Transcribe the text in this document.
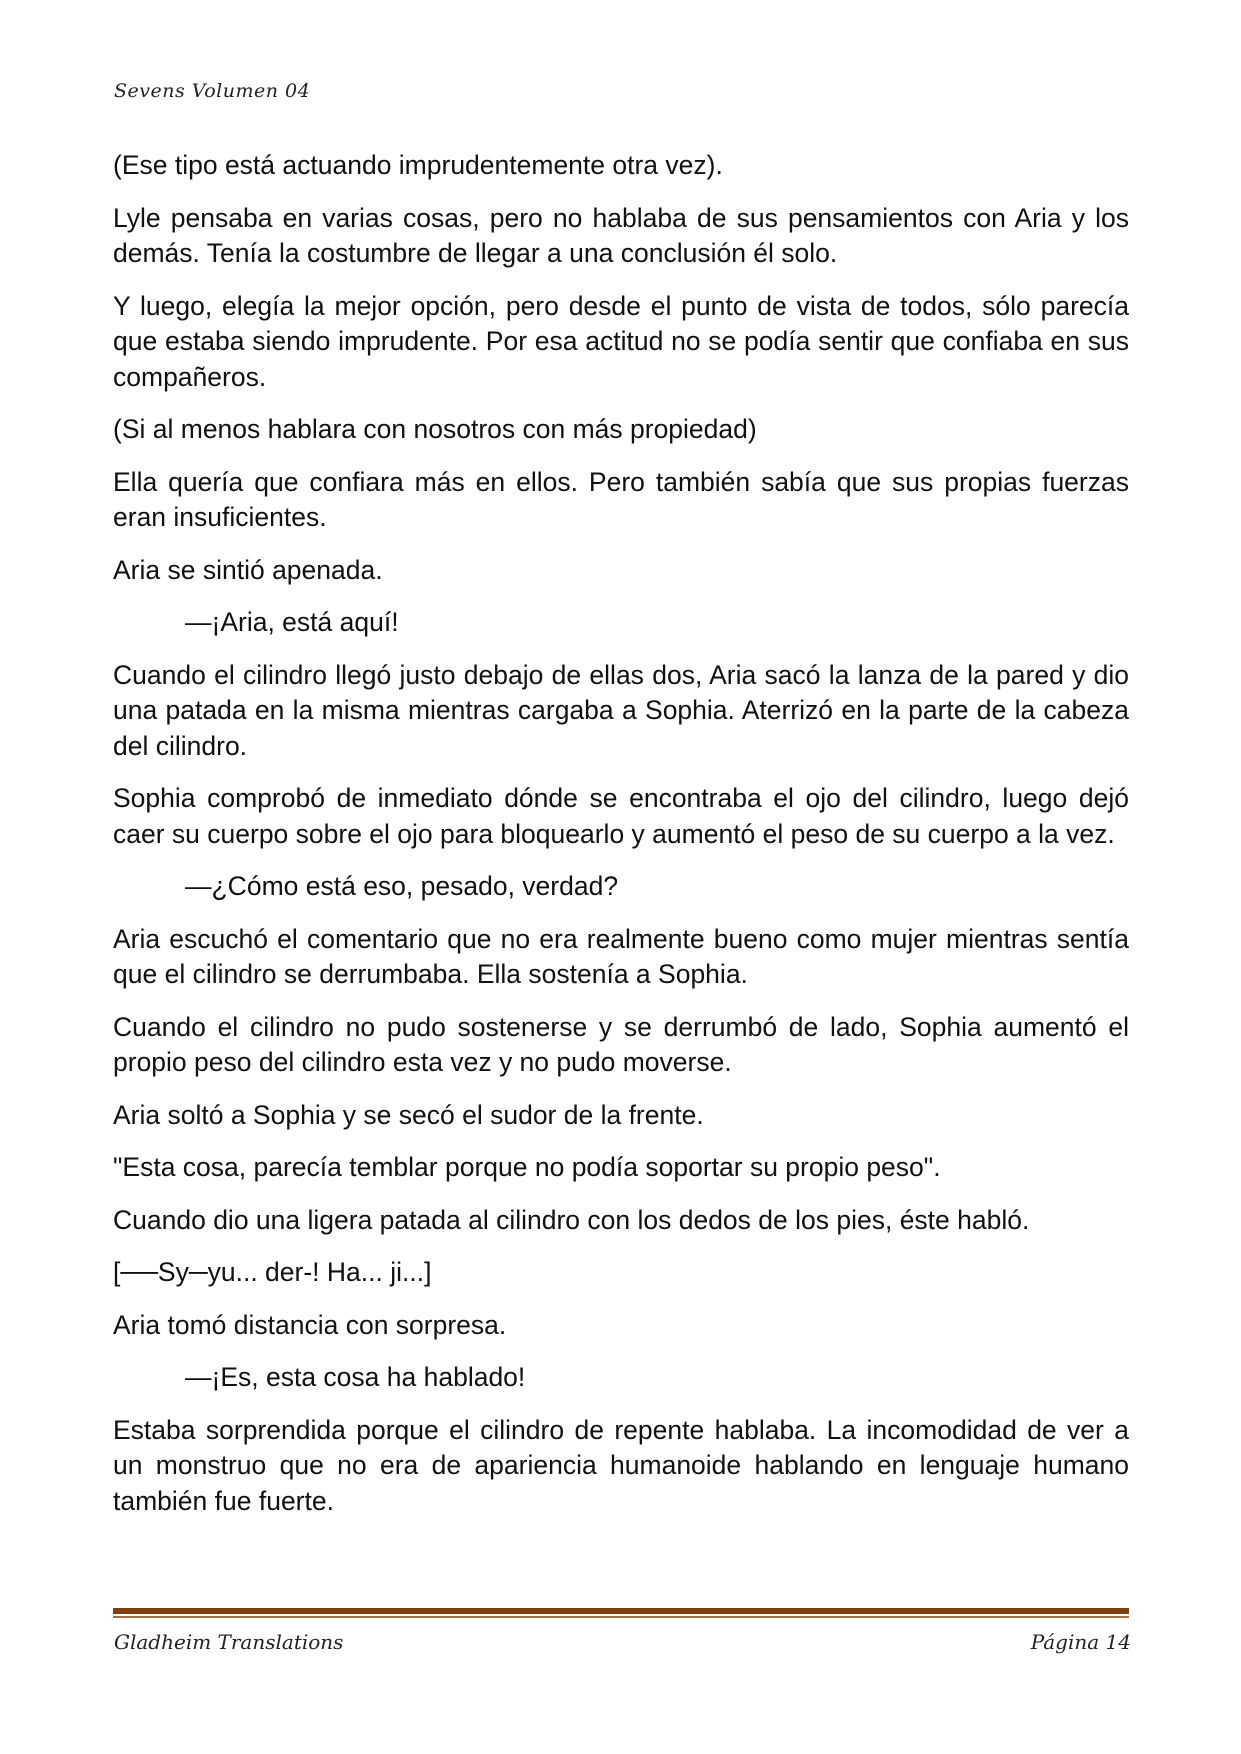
Sevens Volumen 04

(Ese tipo está actuando imprudentemente otra vez).

Lyle pensaba en varias cosas, pero no hablaba de sus pensamientos con Aria y los demás. Tenía la costumbre de llegar a una conclusión él solo.

Y luego, elegía la mejor opción, pero desde el punto de vista de todos, sólo parecía que estaba siendo imprudente. Por esa actitud no se podía sentir que confiaba en sus compañeros.

(Si al menos hablara con nosotros con más propiedad)

Ella quería que confiara más en ellos. Pero también sabía que sus propias fuerzas eran insuficientes.

Aria se sintió apenada.

—¡Aria, está aquí!

Cuando el cilindro llegó justo debajo de ellas dos, Aria sacó la lanza de la pared y dio una patada en la misma mientras cargaba a Sophia. Aterrizó en la parte de la cabeza del cilindro.

Sophia comprobó de inmediato dónde se encontraba el ojo del cilindro, luego dejó caer su cuerpo sobre el ojo para bloquearlo y aumentó el peso de su cuerpo a la vez.

—¿Cómo está eso, pesado, verdad?

Aria escuchó el comentario que no era realmente bueno como mujer mientras sentía que el cilindro se derrumbaba. Ella sostenía a Sophia.

Cuando el cilindro no pudo sostenerse y se derrumbó de lado, Sophia aumentó el propio peso del cilindro esta vez y no pudo moverse.

Aria soltó a Sophia y se secó el sudor de la frente.

"Esta cosa, parecía temblar porque no podía soportar su propio peso".

Cuando dio una ligera patada al cilindro con los dedos de los pies, éste habló.

[──Sy─yu... der-! Ha... ji...]

Aria tomó distancia con sorpresa.

—¡Es, esta cosa ha hablado!

Estaba sorprendida porque el cilindro de repente hablaba. La incomodidad de ver a un monstruo que no era de apariencia humanoide hablando en lenguaje humano también fue fuerte.

Gladheim Translations	Página 14
